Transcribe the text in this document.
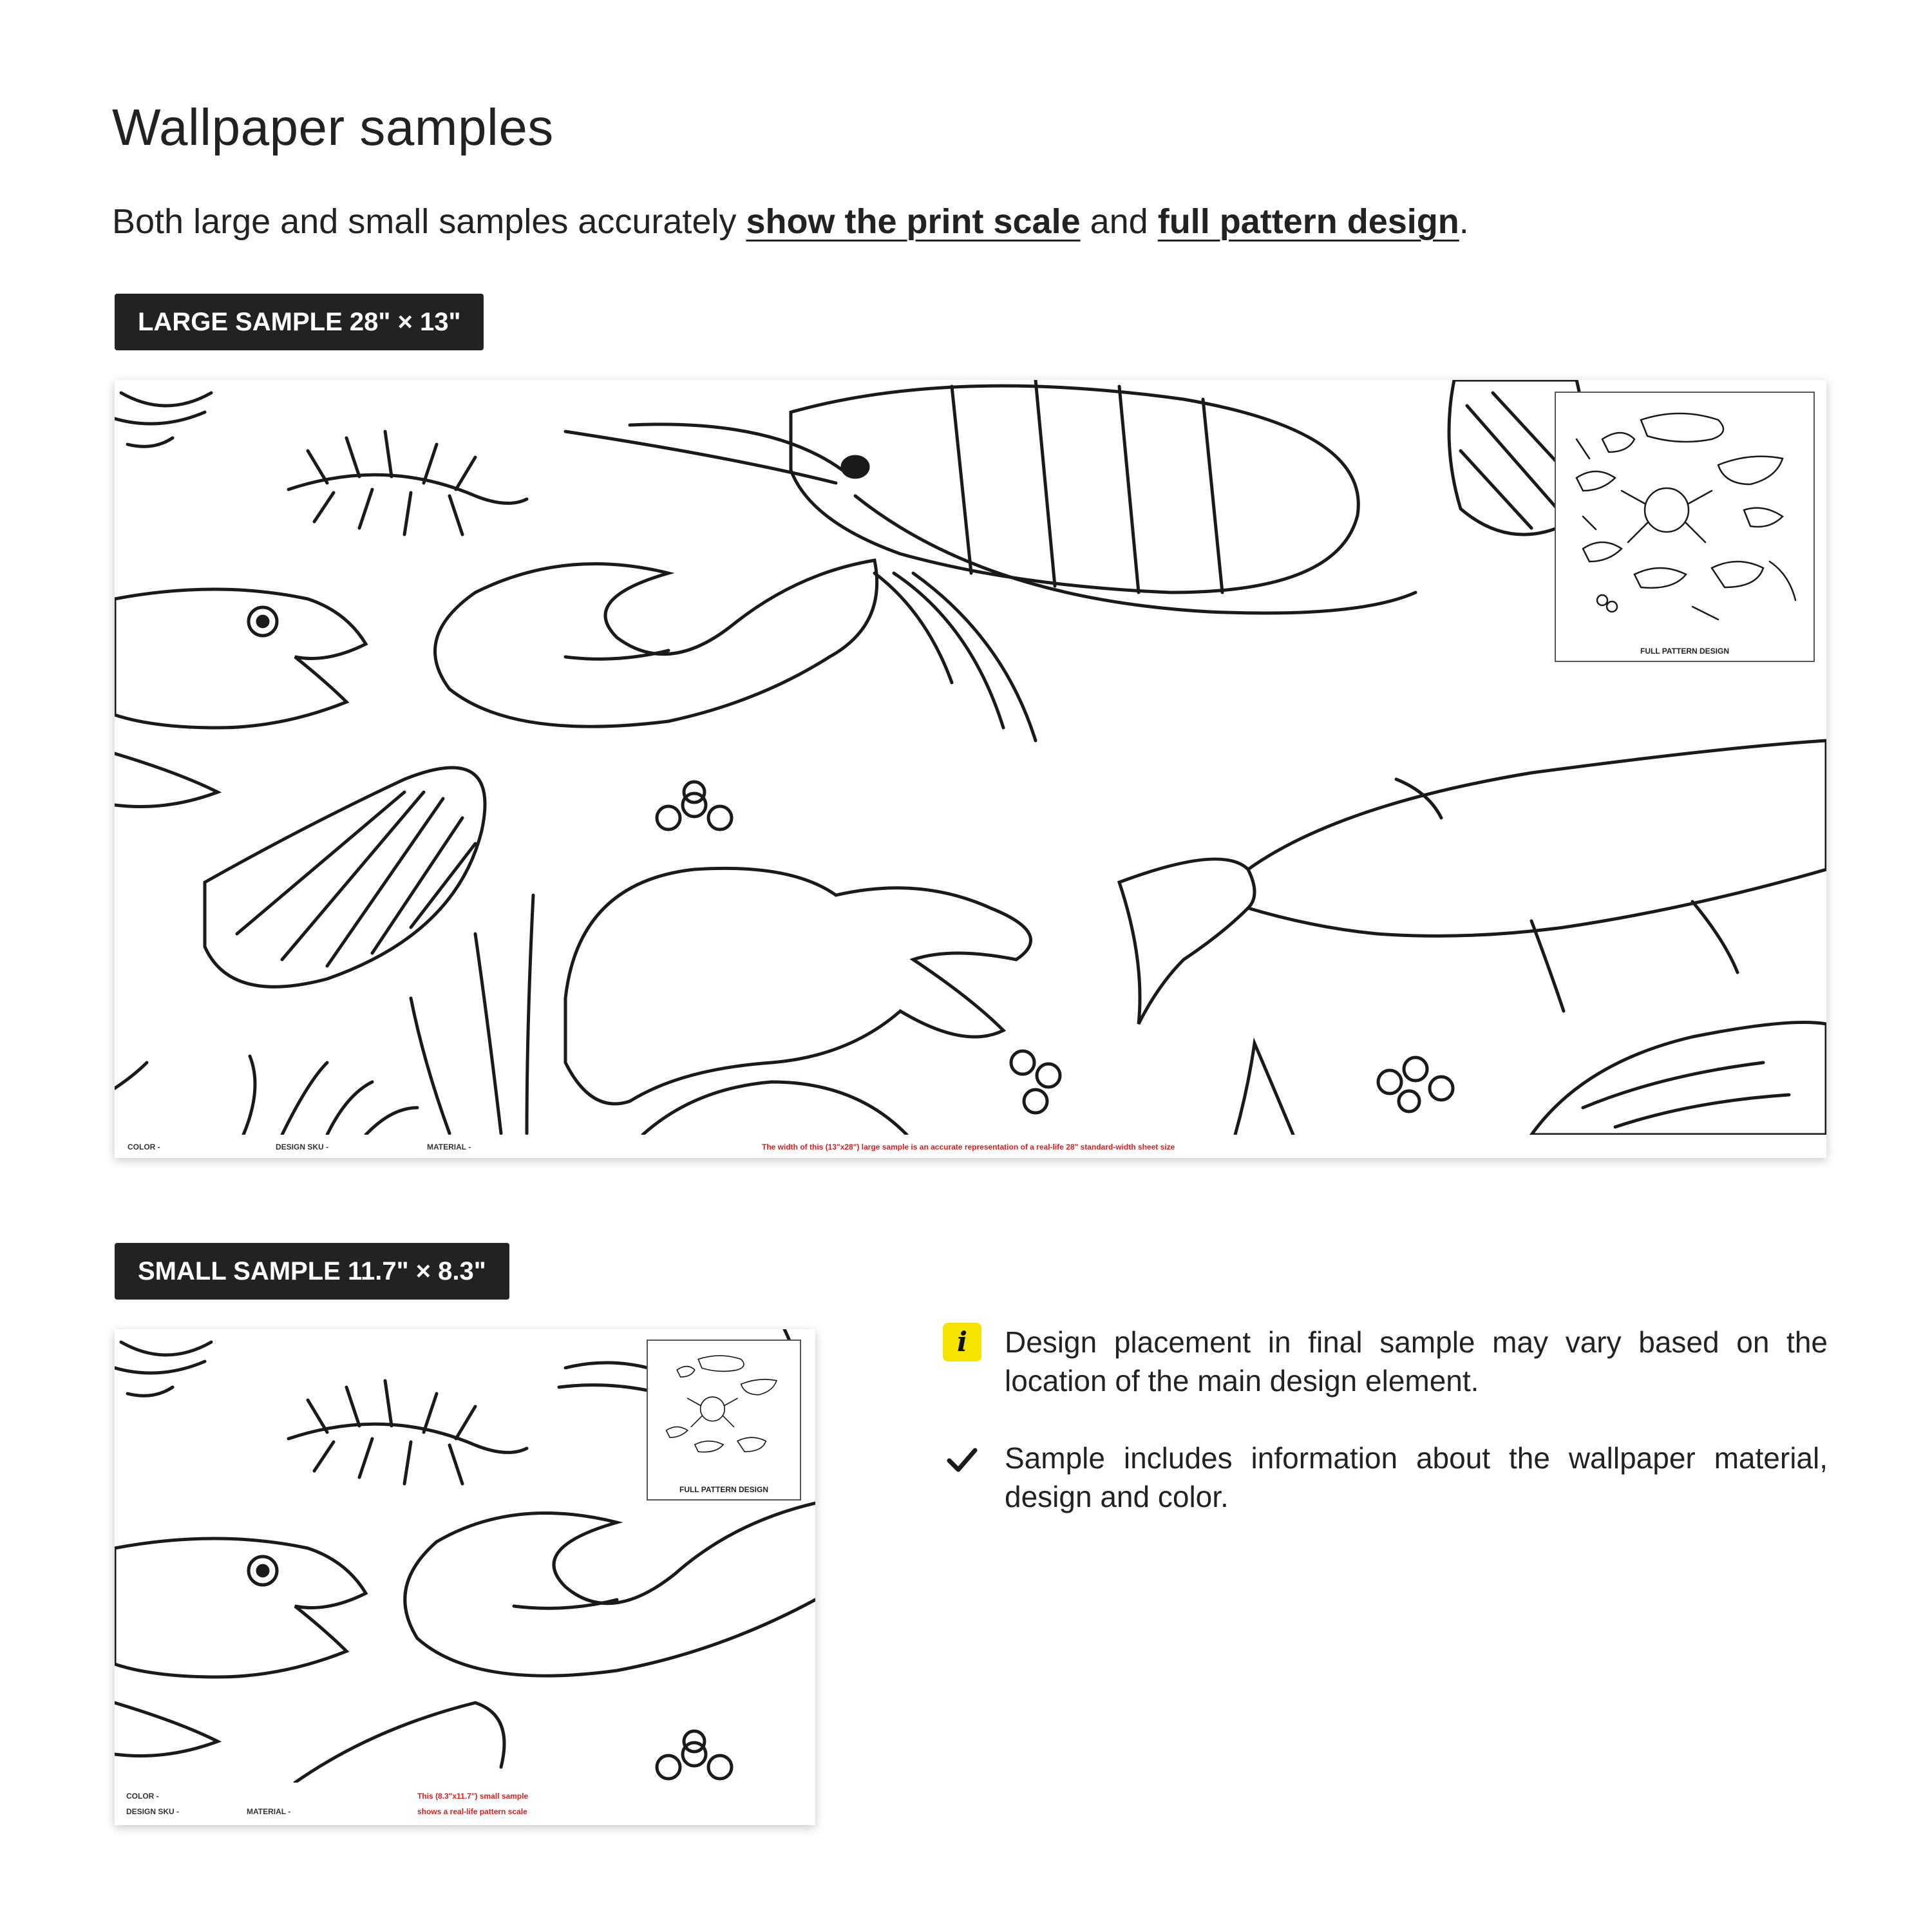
Wallpaper samples

Both large and small samples accurately show the print scale and full pattern design.

LARGE SAMPLE 28" × 13"
FULL PATTERN DESIGN
COLOR -	DESIGN SKU -	MATERIAL -	The width of this (13"x28") large sample is an accurate representation of a real-life 28" standard-width sheet size
SMALL SAMPLE 11.7" × 8.3"
FULL PATTERN DESIGN
COLOR -
DESIGN SKU -	MATERIAL -
This (8.3"x11.7") small sample
shows a real-life pattern scale
i	Design placement in final sample may vary based on the location of the main design element.
Sample includes information about the wallpaper material, design and color.
